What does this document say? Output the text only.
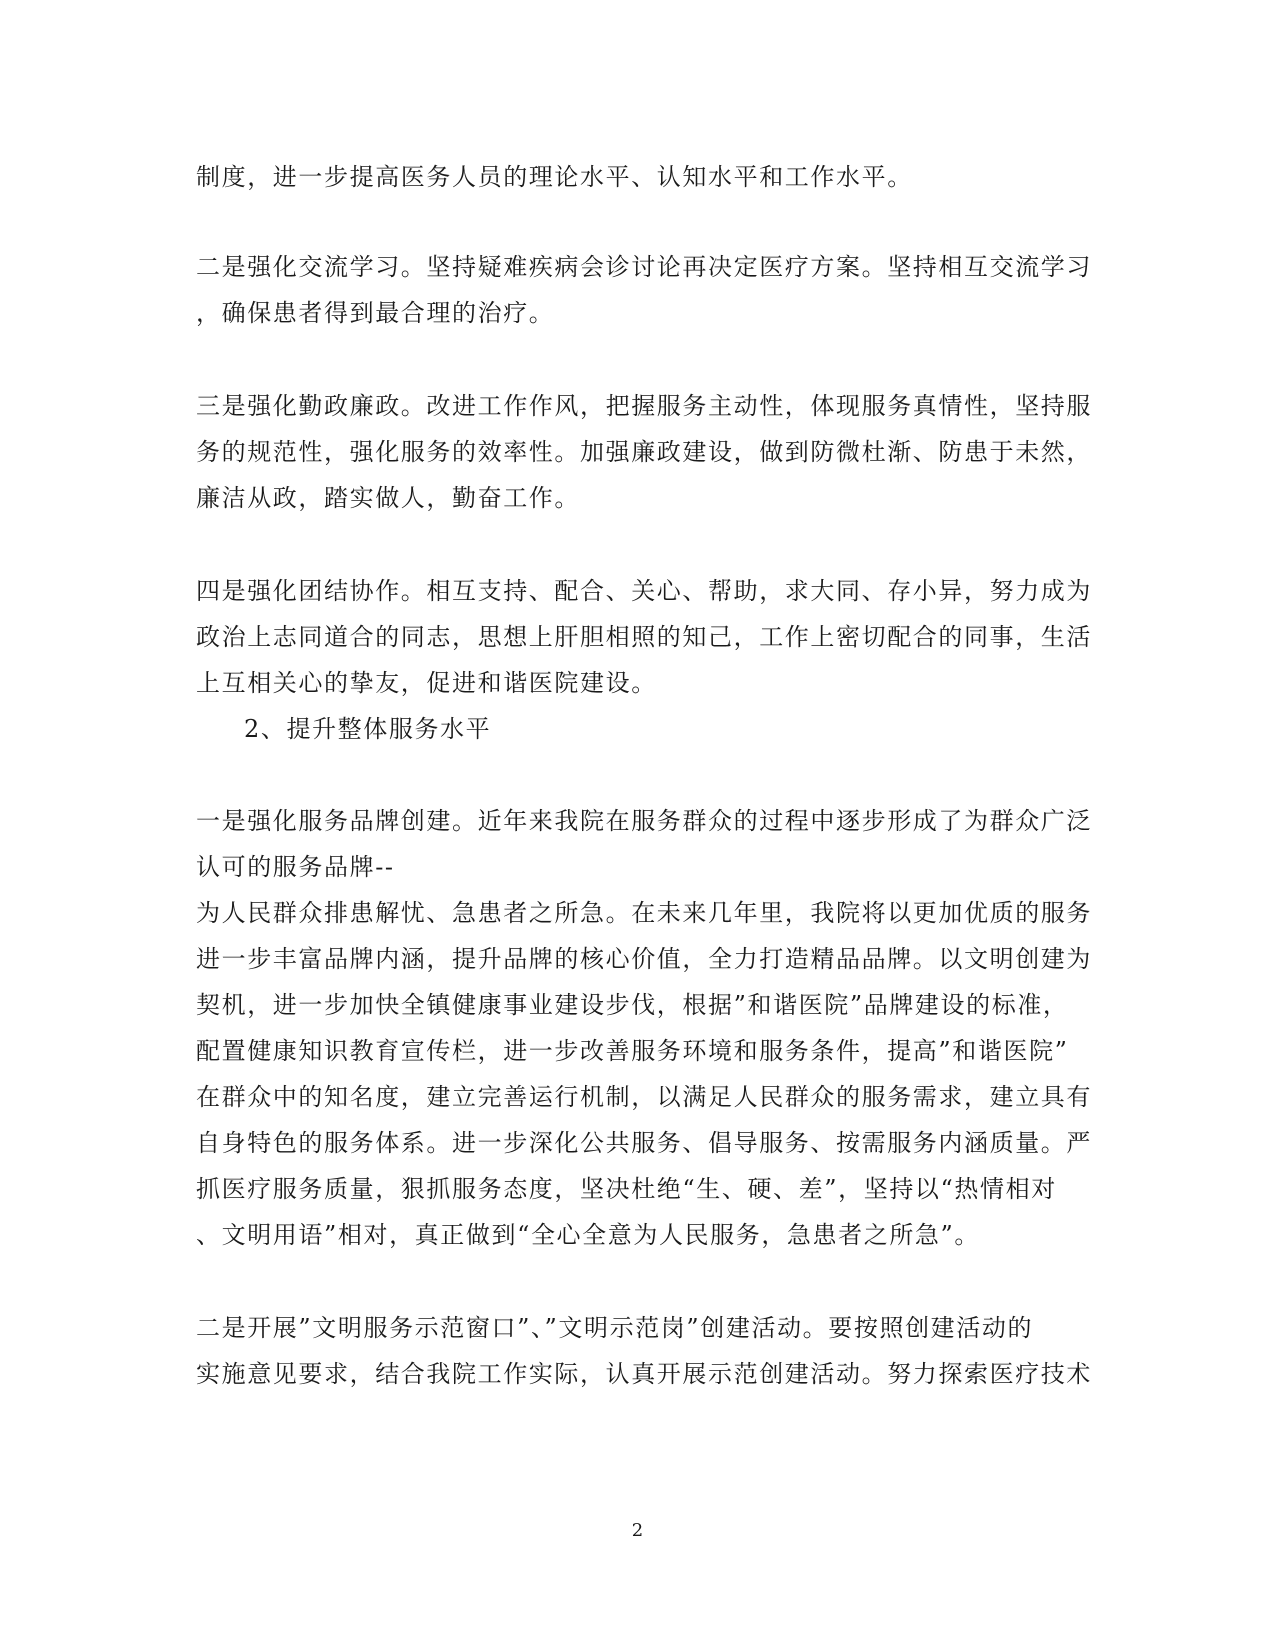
制度，进一步提高医务人员的理论水平、认知水平和工作水平。
二是强化交流学习。坚持疑难疾病会诊讨论再决定医疗方案。坚持相互交流学习
，确保患者得到最合理的治疗。
三是强化勤政廉政。改进工作作风，把握服务主动性，体现服务真情性，坚持服
务的规范性，强化服务的效率性。加强廉政建设，做到防微杜渐、防患于未然，
廉洁从政，踏实做人，勤奋工作。
四是强化团结协作。相互支持、配合、关心、帮助，求大同、存小异，努力成为
政治上志同道合的同志，思想上肝胆相照的知己，工作上密切配合的同事，生活
上互相关心的挚友，促进和谐医院建设。
2、提升整体服务水平
一是强化服务品牌创建。近年来我院在服务群众的过程中逐步形成了为群众广泛
认可的服务品牌--
为人民群众排患解忧、急患者之所急。在未来几年里，我院将以更加优质的服务
进一步丰富品牌内涵，提升品牌的核心价值，全力打造精品品牌。以文明创建为
契机，进一步加快全镇健康事业建设步伐，根据”和谐医院”品牌建设的标准，
配置健康知识教育宣传栏，进一步改善服务环境和服务条件，提高”和谐医院”
在群众中的知名度，建立完善运行机制，以满足人民群众的服务需求，建立具有
自身特色的服务体系。进一步深化公共服务、倡导服务、按需服务内涵质量。严
抓医疗服务质量，狠抓服务态度，坚决杜绝“生、硬、差”，坚持以“热情相对
、文明用语”相对，真正做到“全心全意为人民服务，急患者之所急”。
二是开展”文明服务示范窗口”、”文明示范岗”创建活动。要按照创建活动的
实施意见要求，结合我院工作实际，认真开展示范创建活动。努力探索医疗技术
2
